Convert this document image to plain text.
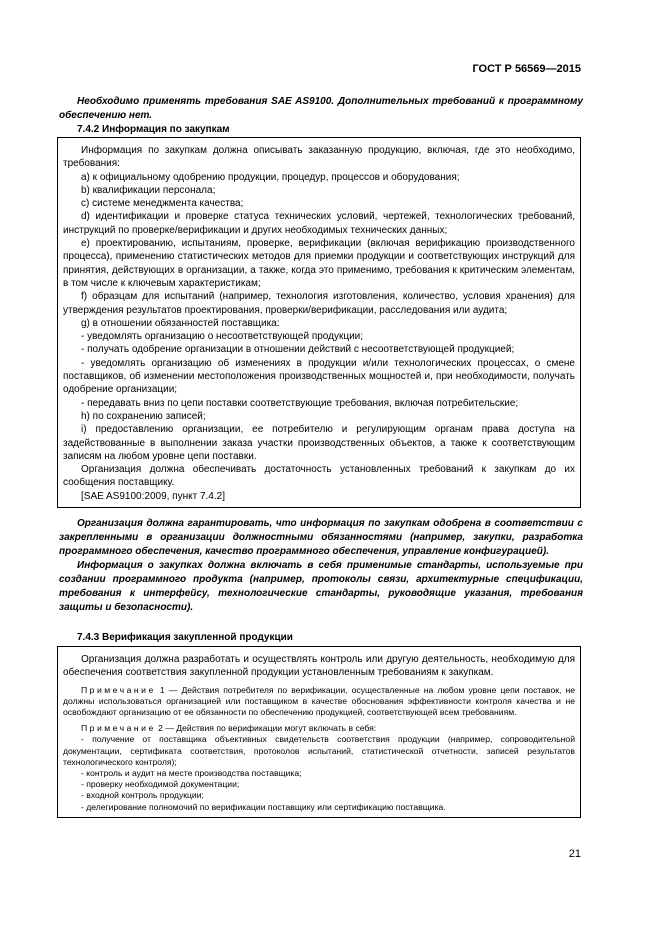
ГОСТ Р 56569—2015

Необходимо применять требования SAE AS9100. Дополнительных требований к программному обеспечению нет.

7.4.2 Информация по закупкам

Информация по закупкам должна описывать заказанную продукцию, включая, где это необходимо, требования:

a) к официальному одобрению продукции, процедур, процессов и оборудования;

b) квалификации персонала;

c) системе менеджмента качества;

d) идентификации и проверке статуса технических условий, чертежей, технологических требований, инструкций по проверке/верификации и других необходимых технических данных;

e) проектированию, испытаниям, проверке, верификации (включая верификацию производственного процесса), применению статистических методов для приемки продукции и соответствующих инструкций для принятия, действующих в организации, а также, когда это применимо, требования к критическим элементам, в том числе к ключевым характеристикам;

f) образцам для испытаний (например, технология изготовления, количество, условия хранения) для утверждения результатов проектирования, проверки/верификации, расследования или аудита;

g) в отношении обязанностей поставщика:

- уведомлять организацию о несоответствующей продукции;

- получать одобрение организации в отношении действий с несоответствующей продукцией;

- уведомлять организацию об изменениях в продукции и/или технологических процессах, о смене поставщиков, об изменении местоположения производственных мощностей и, при необходимости, получать одобрение организации;

- передавать вниз по цепи поставки соответствующие требования, включая потребительские;

h) по сохранению записей;

i) предоставлению организации, ее потребителю и регулирующим органам права доступа на задействованные в выполнении заказа участки производственных объектов, а также к соответствующим записям на любом уровне цепи поставки.

Организация должна обеспечивать достаточность установленных требований к закупкам до их сообщения поставщику.

[SAE AS9100:2009, пункт 7.4.2]

Организация должна гарантировать, что информация по закупкам одобрена в соответствии с закрепленными в организации должностными обязанностями (например, закупки, разработка программного обеспечения, качество программного обеспечения, управление конфигурацией).

Информация о закупках должна включать в себя применимые стандарты, используемые при создании программного продукта (например, протоколы связи, архитектурные спецификации, требования к интерфейсу, технологические стандарты, руководящие указания, требования защиты и безопасности).

7.4.3 Верификация закупленной продукции

Организация должна разработать и осуществлять контроль или другую деятельность, необходимую для обеспечения соответствия закупленной продукции установленным требованиям к закупкам.

Примечание 1 — Действия потребителя по верификации, осуществленные на любом уровне цепи поставок, не должны использоваться организацией или поставщиком в качестве обоснования эффективности контроля качества и не освобождают организацию от ее обязанности по обеспечению продукцией, соответствующей всем требованиям.

Примечание 2 — Действия по верификации могут включать в себя:

- получение от поставщика объективных свидетельств соответствия продукции (например, сопроводительной документации, сертификата соответствия, протоколов испытаний, статистической отчетности, записей результатов технологического контроля);

- контроль и аудит на месте производства поставщика;

- проверку необходимой документации;

- входной контроль продукции;

- делегирование полномочий по верификации поставщику или сертификацию поставщика.

21
